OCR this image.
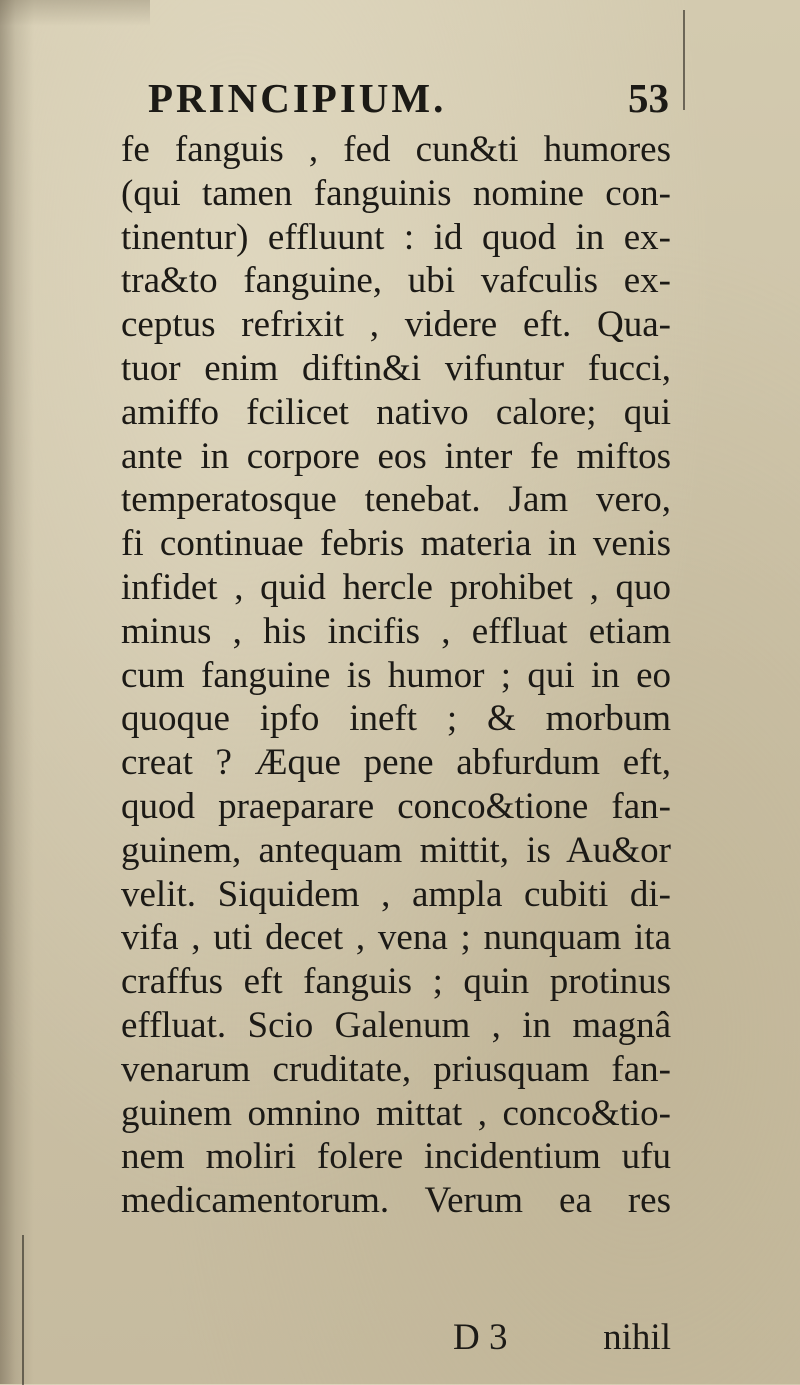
PRINCIPIUM.	53
fe fanguis , fed cun&ti humores
(qui tamen fanguinis nomine con-
tinentur) effluunt : id quod in ex-
tra&to fanguine, ubi vafculis ex-
ceptus refrixit , videre eft. Qua-
tuor enim diftin&i vifuntur fucci,
amiffo fcilicet nativo calore; qui
ante in corpore eos inter fe miftos
temperatosque tenebat. Jam vero,
fi continuae febris materia in venis
infidet , quid hercle prohibet , quo
minus , his incifis , effluat etiam
cum fanguine is humor ; qui in eo
quoque ipfo ineft ; & morbum
creat ? Æque pene abfurdum eft,
quod praeparare conco&tione fan-
guinem, antequam mittit, is Au&or
velit. Siquidem , ampla cubiti di-
vifa , uti decet , vena ; nunquam ita
craffus eft fanguis ; quin protinus
effluat. Scio Galenum , in magnâ
venarum cruditate, priusquam fan-
guinem omnino mittat , conco&tio-
nem moliri folere incidentium ufu
medicamentorum. Verum ea res
D 3	nihil
